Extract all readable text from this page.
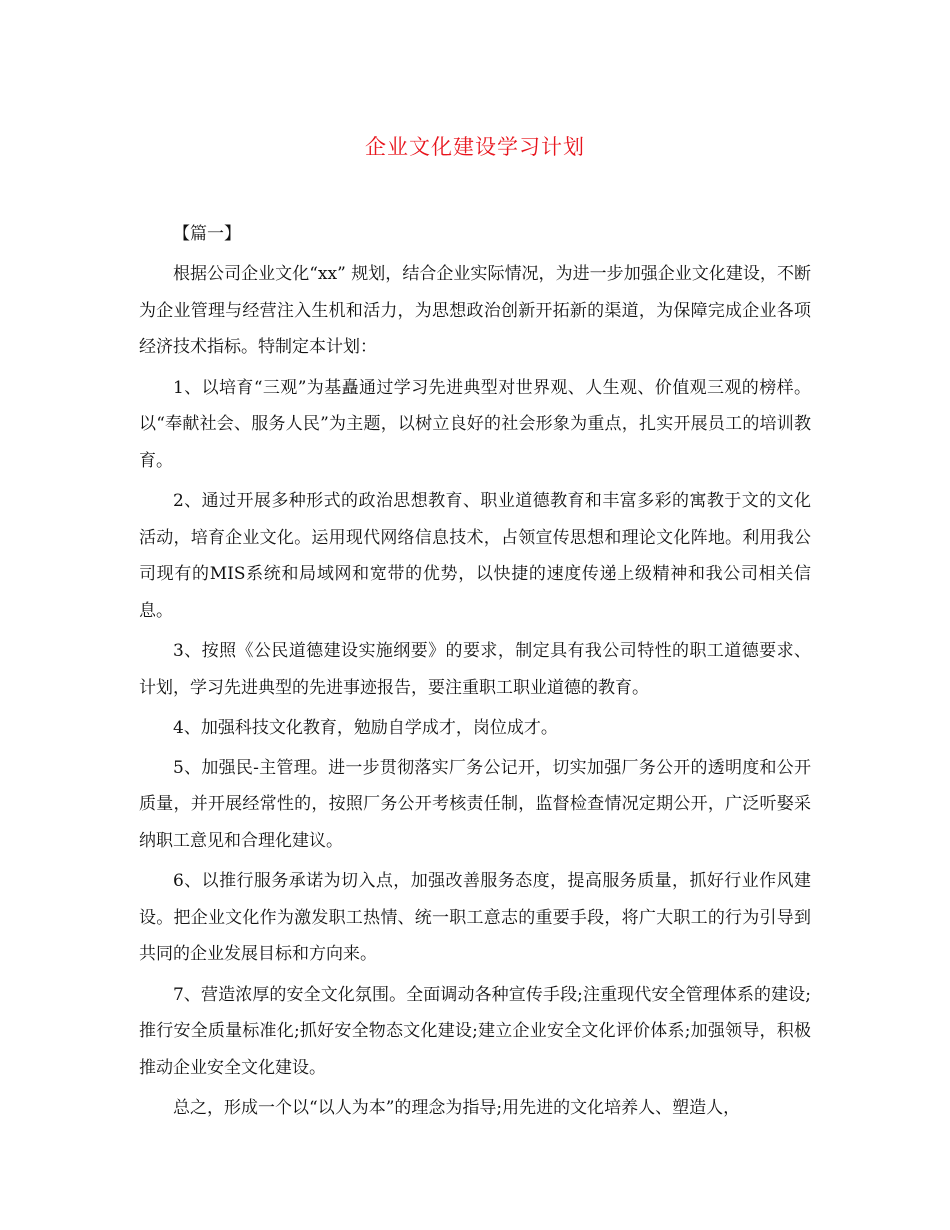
企业文化建设学习计划

【篇一】

根据公司企业文化“xx” 规划，结合企业实际情况，为进一步加强企业文化建设，不断为企业管理与经营注入生机和活力，为思想政治创新开拓新的渠道，为保障完成企业各项经济技术指标。特制定本计划：

1、以培育“三观”为基矗通过学习先进典型对世界观、人生观、价值观三观的榜样。以“奉献社会、服务人民”为主题，以树立良好的社会形象为重点，扎实开展员工的培训教育。

2、通过开展多种形式的政治思想教育、职业道德教育和丰富多彩的寓教于文的文化活动，培育企业文化。运用现代网络信息技术，占领宣传思想和理论文化阵地。利用我公司现有的MIS系统和局域网和宽带的优势，以快捷的速度传递上级精神和我公司相关信息。

3、按照《公民道德建设实施纲要》的要求，制定具有我公司特性的职工道德要求、计划，学习先进典型的先进事迹报告，要注重职工职业道德的教育。

4、加强科技文化教育，勉励自学成才，岗位成才。

5、加强民-主管理。进一步贯彻落实厂务公记开，切实加强厂务公开的透明度和公开质量，并开展经常性的，按照厂务公开考核责任制，监督检查情况定期公开，广泛听娶采纳职工意见和合理化建议。

6、以推行服务承诺为切入点，加强改善服务态度，提高服务质量，抓好行业作风建设。把企业文化作为激发职工热情、统一职工意志的重要手段，将广大职工的行为引导到共同的企业发展目标和方向来。

7、营造浓厚的安全文化氛围。全面调动各种宣传手段;注重现代安全管理体系的建设;推行安全质量标准化;抓好安全物态文化建设;建立企业安全文化评价体系;加强领导，积极推动企业安全文化建设。

总之，形成一个以“以人为本”的理念为指导;用先进的文化培养人、塑造人，
